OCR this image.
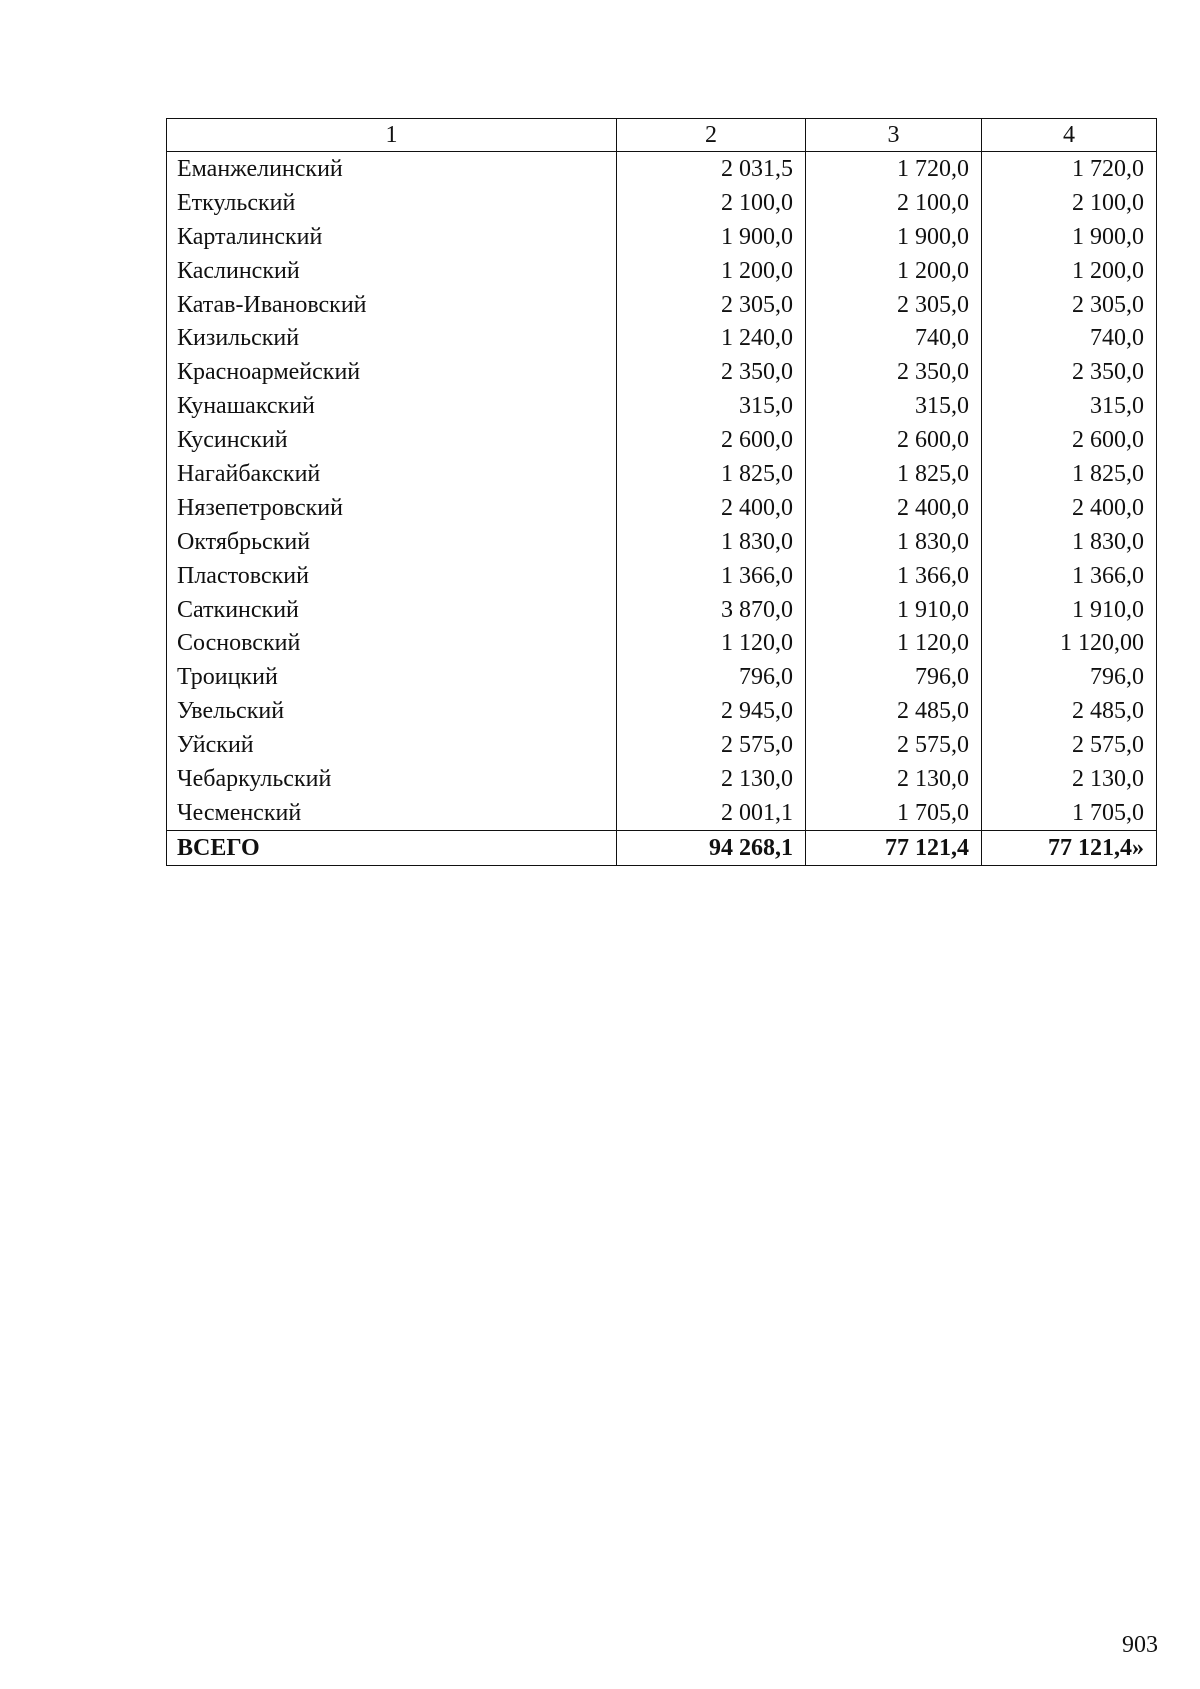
1	2	3	4
Еманжелинский	2 031,5	1 720,0	1 720,0
Еткульский	2 100,0	2 100,0	2 100,0
Карталинский	1 900,0	1 900,0	1 900,0
Каслинский	1 200,0	1 200,0	1 200,0
Катав-Ивановский	2 305,0	2 305,0	2 305,0
Кизильский	1 240,0	740,0	740,0
Красноармейский	2 350,0	2 350,0	2 350,0
Кунашакский	315,0	315,0	315,0
Кусинский	2 600,0	2 600,0	2 600,0
Нагайбакский	1 825,0	1 825,0	1 825,0
Нязепетровский	2 400,0	2 400,0	2 400,0
Октябрьский	1 830,0	1 830,0	1 830,0
Пластовский	1 366,0	1 366,0	1 366,0
Саткинский	3 870,0	1 910,0	1 910,0
Сосновский	1 120,0	1 120,0	1 120,00
Троицкий	796,0	796,0	796,0
Увельский	2 945,0	2 485,0	2 485,0
Уйский	2 575,0	2 575,0	2 575,0
Чебаркульский	2 130,0	2 130,0	2 130,0
Чесменский	2 001,1	1 705,0	1 705,0
ВСЕГО	94 268,1	77 121,4	77 121,4»
903
